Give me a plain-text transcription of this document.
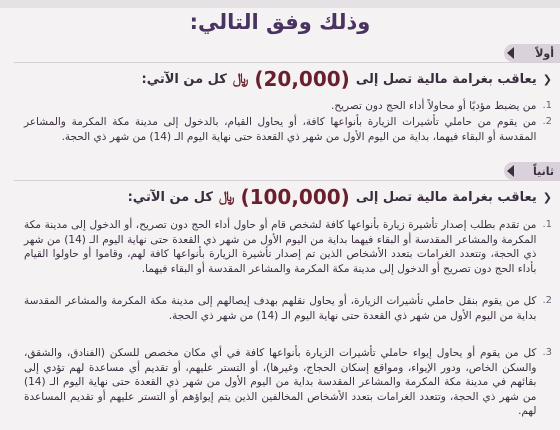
وذلك وفق التالي:
أولاً
❮
يعاقب بغرامة مالية تصل إلى
(20,000)
﷼
كل من الآتي:
1.
من يضبط مؤديًا أو محاولاً أداء الحج دون تصريح.
2.
من يقوم من حاملي تأشيرات الزيارة بأنواعها كافة، أو يحاول القيام، بالدخول إلى مدينة مكة المكرمة والمشاعر المقدسة أو البقاء فيهما، بداية من اليوم الأول من شهر ذي القعدة حتى نهاية اليوم الـ (14) من شهر ذي الحجة.
ثانياً
❮
يعاقب بغرامة مالية تصل إلى
(100,000)
﷼
كل من الآتي:
1.
من تقدم بطلب إصدار تأشيرة زيارة بأنواعها كافة لشخص قام أو حاول أداء الحج دون تصريح، أو الدخول إلى مدينة مكة المكرمة والمشاعر المقدسة أو البقاء فيهما بداية من اليوم الأول من شهر ذي القعدة حتى نهاية اليوم الـ (14) من شهر ذي الحجة، وتتعدد الغرامات بتعدد الأشخاص الذين تم إصدار تأشيرة الزيارة بأنواعها كافة لهم، وقاموا أو حاولوا القيام بأداء الحج دون تصريح أو الدخول إلى مدينة مكة المكرمة والمشاعر المقدسة أو البقاء فيهما.
2.
كل من يقوم بنقل حاملي تأشيرات الزيارة، أو يحاول نقلهم بهدف إيصالهم إلى مدينة مكة المكرمة والمشاعر المقدسة بداية من اليوم الأول من شهر ذي القعدة حتى نهاية اليوم الـ (14) من شهر ذي الحجة.
3.
كل من يقوم أو يحاول إيواء حاملي تأشيرات الزيارة بأنواعها كافة في أي مكان مخصص للسكن (الفنادق، والشقق، والسكن الخاص، ودور الإيواء، ومواقع إسكان الحجاج، وغيرها)، أو التستر عليهم، أو تقديم أي مساعدة لهم تؤدي إلى بقائهم في مدينة مكة المكرمة والمشاعر المقدسة بداية من اليوم الأول من شهر ذي القعدة حتى نهاية اليوم الـ (14) من شهر ذي الحجة، وتتعدد الغرامات بتعدد الأشخاص المخالفين الذين يتم إيواؤهم أو التستر عليهم أو تقديم المساعدة لهم.
